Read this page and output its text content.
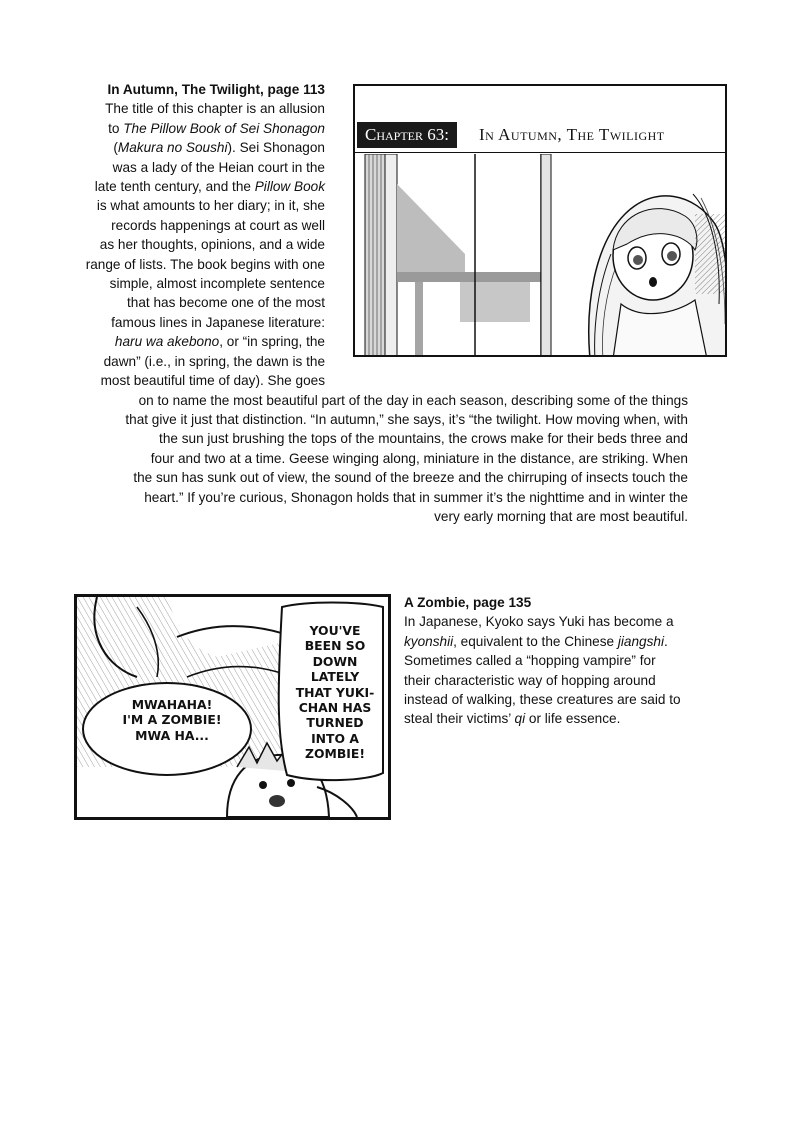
In Autumn, The Twilight, page 113
The title of this chapter is an allusion
to The Pillow Book of Sei Shonagon
(Makura no Soushi). Sei Shonagon
was a lady of the Heian court in the
late tenth century, and the Pillow Book
is what amounts to her diary; in it, she
records happenings at court as well
as her thoughts, opinions, and a wide
range of lists. The book begins with one
simple, almost incomplete sentence
that has become one of the most
famous lines in Japanese literature:
haru wa akebono, or “in spring, the
dawn” (i.e., in spring, the dawn is the
most beautiful time of day). She goes
on to name the most beautiful part of the day in each season, describing some of the things
that give it just that distinction. “In autumn,” she says, it’s “the twilight. How moving when, with
the sun just brushing the tops of the mountains, the crows make for their beds three and
four and two at a time. Geese winging along, miniature in the distance, are striking. When
the sun has sunk out of view, the sound of the breeze and the chirruping of insects touch the
heart.” If you’re curious, Shonagon holds that in summer it’s the nighttime and in winter the
very early morning that are most beautiful.
Chapter 63:	In Autumn, The Twilight
YOU'VE
BEEN SO
DOWN
LATELY
THAT YUKI-
CHAN HAS
TURNED
INTO A
ZOMBIE!
MWAHAHA!
I'M A ZOMBIE!
MWA HA...
A Zombie, page 135
In Japanese, Kyoko says Yuki has become a
kyonshii, equivalent to the Chinese jiangshi.
Sometimes called a “hopping vampire” for
their characteristic way of hopping around
instead of walking, these creatures are said to
steal their victims’ qi or life essence.
